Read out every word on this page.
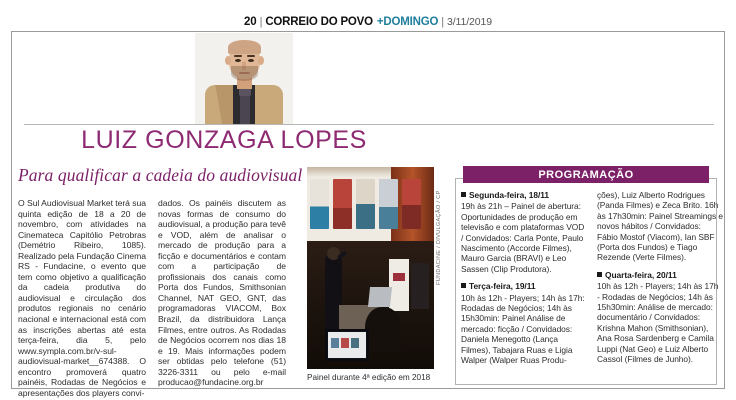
20 | CORREIO DO POVO +DOMINGO | 3/11/2019
LUIZ GONZAGA LOPES
Para qualificar a cadeia do audiovisual

O Sul Audiovisual Market terá sua quinta edição de 18 a 20 de novembro, com atividades na Cinemateca Capitólio Petrobras (Demétrio Ribeiro, 1085). Realizado pela Fundação Cinema RS - Fundacine, o evento que tem como objetivo a qualificação da cadeia produtiva do audiovisual e circulação dos produtos regionais no cenário nacional e internacional está com as inscrições abertas até esta terça-feira, dia 5, pelo www.sympla.com.br/v-sul-audiovisual-market__674388. O encontro promoverá quatro painéis, Rodadas de Negócios e apresentações dos players convi-

dados. Os painéis discutem as novas formas de consumo do audiovisual, a produção para tevê e VOD, além de analisar o mercado de produção para a ficção e documentários e contam com a participação de profissionais dos canais como Porta dos Fundos, Smithsonian Channel, NAT GEO, GNT, das programadoras VIACOM, Box Brazil, da distribuidora Lança Filmes, entre outros. As Rodadas de Negócios ocorrem nos dias 18 e 19. Mais informações podem ser obtidas pelo telefone (51) 3226-3311 ou pelo e-mail producao@fundacine.org.br

FUNDACINE / DIVULGAÇÃO / CP
Painel durante 4ª edição em 2018
PROGRAMAÇÃO
Segunda-feira, 18/11

19h às 21h – Painel de abertura: Oportunidades de produção em televisão e com plataformas VOD / Convidados: Carla Ponte, Paulo Nascimento (Accorde Filmes), Mauro Garcia (BRAVI) e Leo Sassen (Clip Produtora).

Terça-feira, 19/11

10h às 12h - Players; 14h às 17h: Rodadas de Negócios; 14h às 15h30min: Painel Análise de mercado: ficção / Convidados: Daniela Menegotto (Lança Filmes), Tabajara Ruas e Ligia Walper (Walper Ruas Produ-

ções), Luiz Alberto Rodrigues (Panda Filmes) e Zeca Brito. 16h às 17h30min: Painel Streamings e novos hábitos / Convidados: Fábio Mostof (Viacom), Ian SBF (Porta dos Fundos) e Tiago Rezende (Verte Filmes).

Quarta-feira, 20/11

10h às 12h - Players; 14h às 17h - Rodadas de Negócios; 14h às 15h30min: Análise de mercado: documentário / Convidados: Krishna Mahon (Smithsonian), Ana Rosa Sardenberg e Camila Luppi (Nat Geo) e Luiz Alberto Cassol (Filmes de Junho).
